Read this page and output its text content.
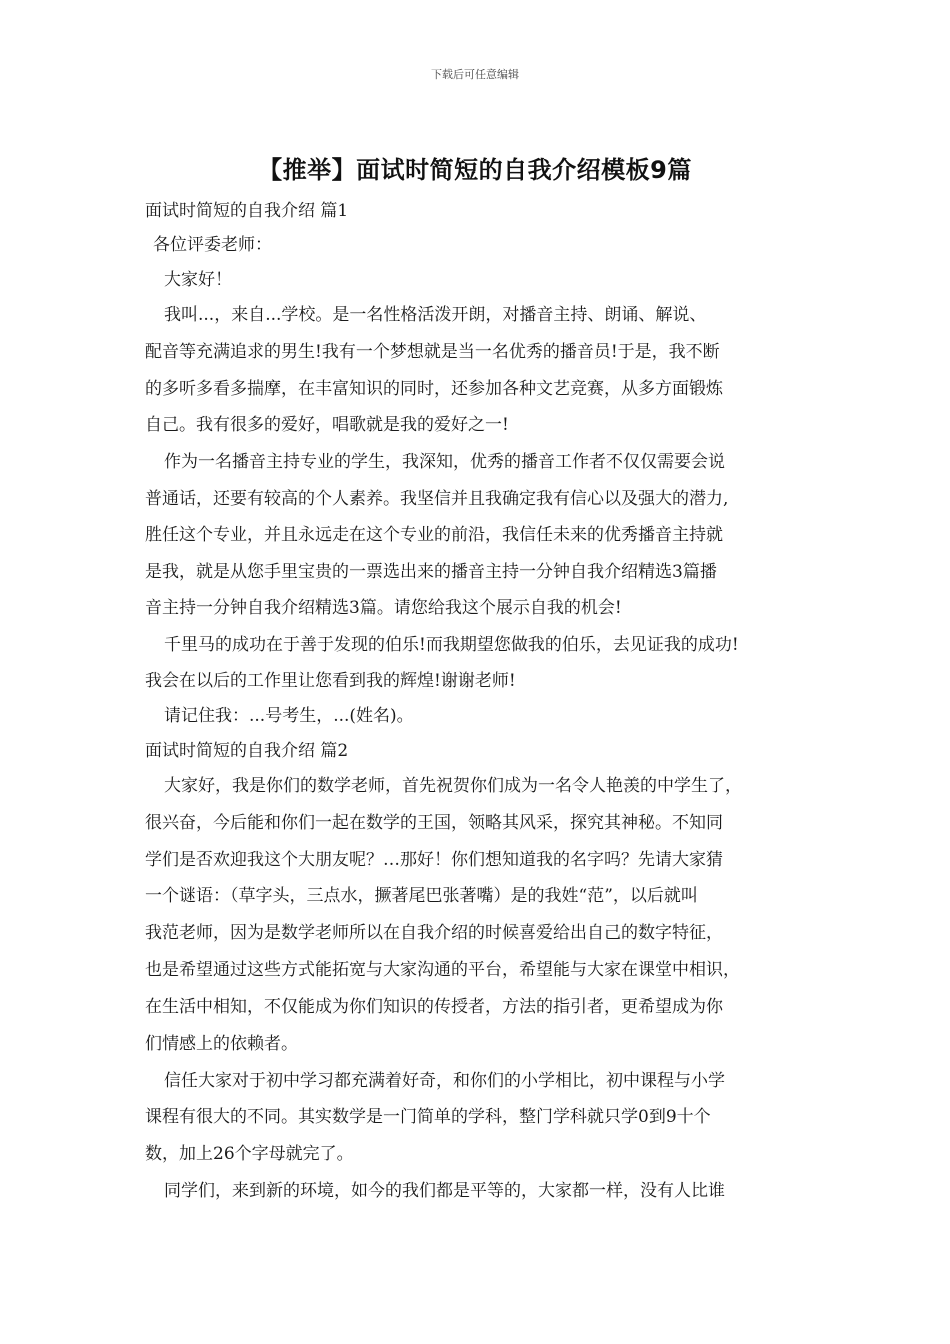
下载后可任意编辑
【推举】面试时简短的自我介绍模板9篇
面试时简短的自我介绍 篇1
各位评委老师：
大家好！
我叫...，来自...学校。是一名性格活泼开朗，对播音主持、朗诵、解说、
配音等充满追求的男生!我有一个梦想就是当一名优秀的播音员!于是，我不断
的多听多看多揣摩，在丰富知识的同时，还参加各种文艺竞赛，从多方面锻炼
自己。我有很多的爱好，唱歌就是我的爱好之一!
作为一名播音主持专业的学生，我深知，优秀的播音工作者不仅仅需要会说
普通话，还要有较高的个人素养。我坚信并且我确定我有信心以及强大的潜力,
胜任这个专业，并且永远走在这个专业的前沿，我信任未来的优秀播音主持就
是我，就是从您手里宝贵的一票选出来的播音主持一分钟自我介绍精选3篇播
音主持一分钟自我介绍精选3篇。请您给我这个展示自我的机会!
千里马的成功在于善于发现的伯乐!而我期望您做我的伯乐，去见证我的成功!
我会在以后的工作里让您看到我的辉煌!谢谢老师!
请记住我：...号考生，...(姓名)。
面试时简短的自我介绍 篇2
大家好，我是你们的数学老师，首先祝贺你们成为一名令人艳羡的中学生了，
很兴奋，今后能和你们一起在数学的王国，领略其风采，探究其神秘。不知同
学们是否欢迎我这个大朋友呢？…那好！你们想知道我的名字吗？先请大家猜
一个谜语：（草字头，三点水，撅著尾巴张著嘴）是的我姓“范”，以后就叫
我范老师，因为是数学老师所以在自我介绍的时候喜爱给出自己的数字特征，
也是希望通过这些方式能拓宽与大家沟通的平台，希望能与大家在课堂中相识，
在生活中相知，不仅能成为你们知识的传授者，方法的指引者，更希望成为你
们情感上的依赖者。
信任大家对于初中学习都充满着好奇，和你们的小学相比，初中课程与小学
课程有很大的不同。其实数学是一门简单的学科，整门学科就只学0到9十个
数，加上26个字母就完了。
同学们，来到新的环境，如今的我们都是平等的，大家都一样，没有人比谁
